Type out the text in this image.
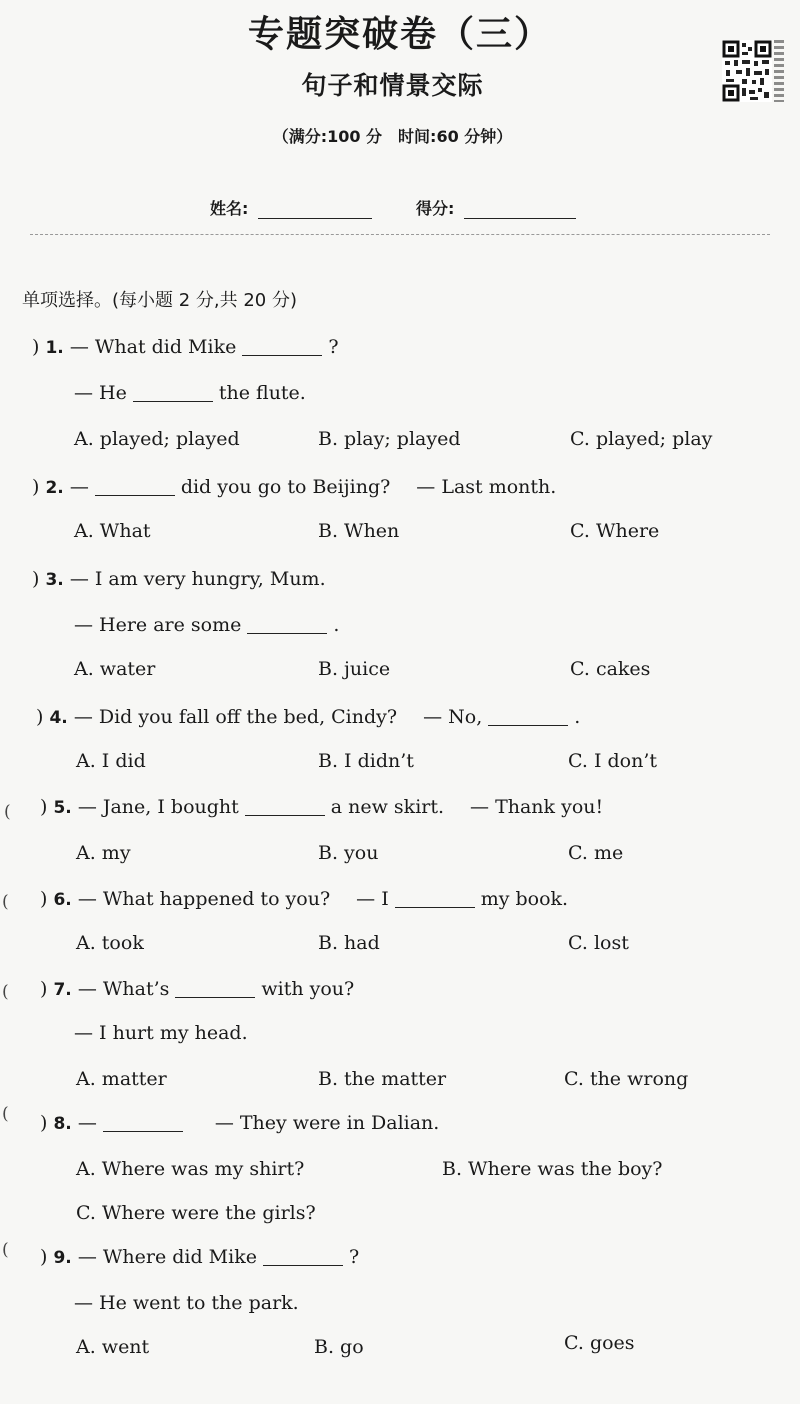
专题突破卷（三）
句子和情景交际
（满分:100 分　时间:60 分钟）
姓名:	得分:
单项选择。(每小题 2 分,共 20 分)
(
(
(
(
(
) 1. — What did Mike	?
— He	the flute.
A. played; played	B. play; played	C. played; play
) 2. —	did you go to Beijing? — Last month.
A. What	B. When	C. Where
) 3. — I am very hungry, Mum.
— Here are some	.
A. water	B. juice	C. cakes
) 4. — Did you fall off the bed, Cindy? — No,	.
A. I did	B. I didn’t	C. I don’t
) 5. — Jane, I bought	a new skirt. — Thank you!
A. my	B. you	C. me
) 6. — What happened to you? — I	my book.
A. took	B. had	C. lost
) 7. — What’s	with you?
— I hurt my head.
A. matter	B. the matter	C. the wrong
) 8. —	— They were in Dalian.
A. Where was my shirt?	B. Where was the boy?
C. Where were the girls?
) 9. — Where did Mike	?
— He went to the park.
A. went	B. go	C. goes
